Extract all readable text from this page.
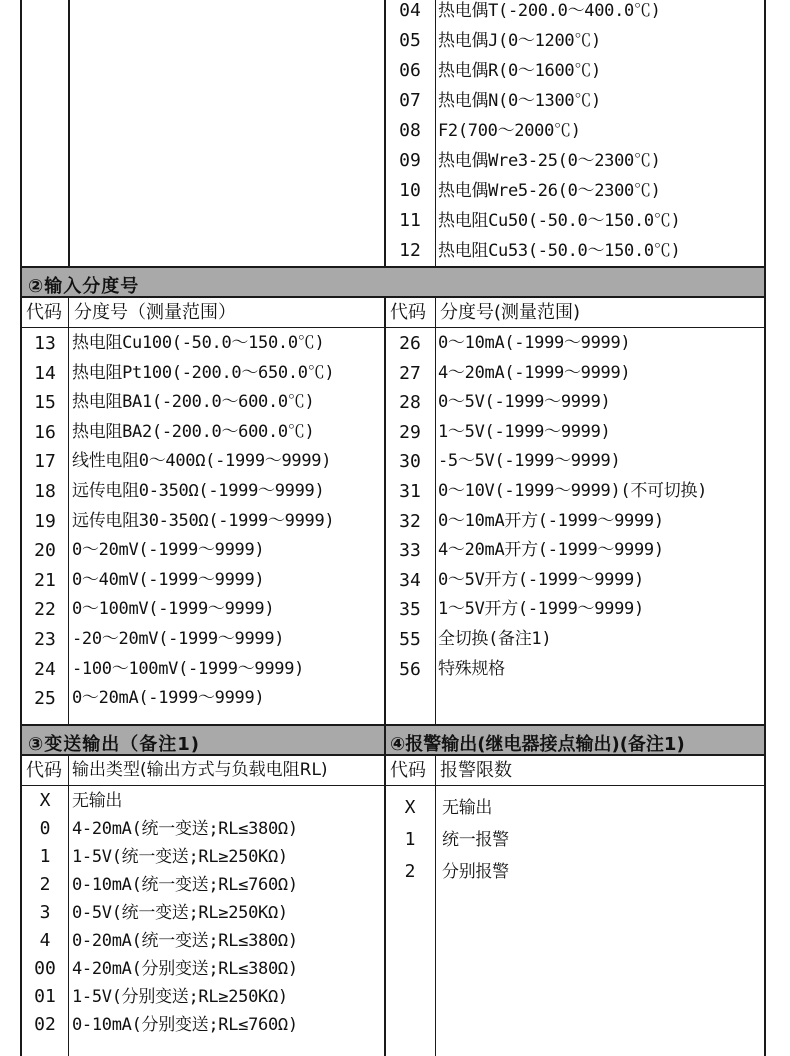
04	热电偶T(-200.0～400.0℃)
05	热电偶J(0～1200℃)
06	热电偶R(0～1600℃)
07	热电偶N(0～1300℃)
08	F2(700～2000℃)
09	热电偶Wre3-25(0～2300℃)
10	热电偶Wre5-26(0～2300℃)
11	热电阻Cu50(-50.0～150.0℃)
12	热电阻Cu53(-50.0～150.0℃)
②输入分度号
代码 分度号（测量范围）	代码 分度号(测量范围)
13 热电阻Cu100(-50.0～150.0℃)
14 热电阻Pt100(-200.0～650.0℃)
15 热电阻BA1(-200.0～600.0℃)
16 热电阻BA2(-200.0～600.0℃)
17 线性电阻0～400Ω(-1999～9999)
18 远传电阻0-350Ω(-1999～9999)
19 远传电阻30-350Ω(-1999～9999)
20 0～20mV(-1999～9999)
21 0～40mV(-1999～9999)
22 0～100mV(-1999～9999)
23 -20～20mV(-1999～9999)
24 -100～100mV(-1999～9999)
25 0～20mA(-1999～9999)
26	0～10mA(-1999～9999)
27	4～20mA(-1999～9999)
28	0～5V(-1999～9999)
29	1～5V(-1999～9999)
30	-5～5V(-1999～9999)
31	0～10V(-1999～9999)(不可切换)
32	0～10mA开方(-1999～9999)
33	4～20mA开方(-1999～9999)
34	0～5V开方(-1999～9999)
35	1～5V开方(-1999～9999)
55	全切换(备注1)
56	特殊规格
③变送输出（备注1)	④报警输出(继电器接点输出)(备注1)
代码 输出类型(输出方式与负载电阻RL)	代码 报警限数
X	无输出
0	4-20mA(统一变送;RL≤380Ω)
1	1-5V(统一变送;RL≥250KΩ)
2	0-10mA(统一变送;RL≤760Ω)
3	0-5V(统一变送;RL≥250KΩ)
4	0-20mA(统一变送;RL≤380Ω)
00 4-20mA(分别变送;RL≤380Ω)
01 1-5V(分别变送;RL≥250KΩ)
02 0-10mA(分别变送;RL≤760Ω)
X	无输出
1	统一报警
2	分别报警
